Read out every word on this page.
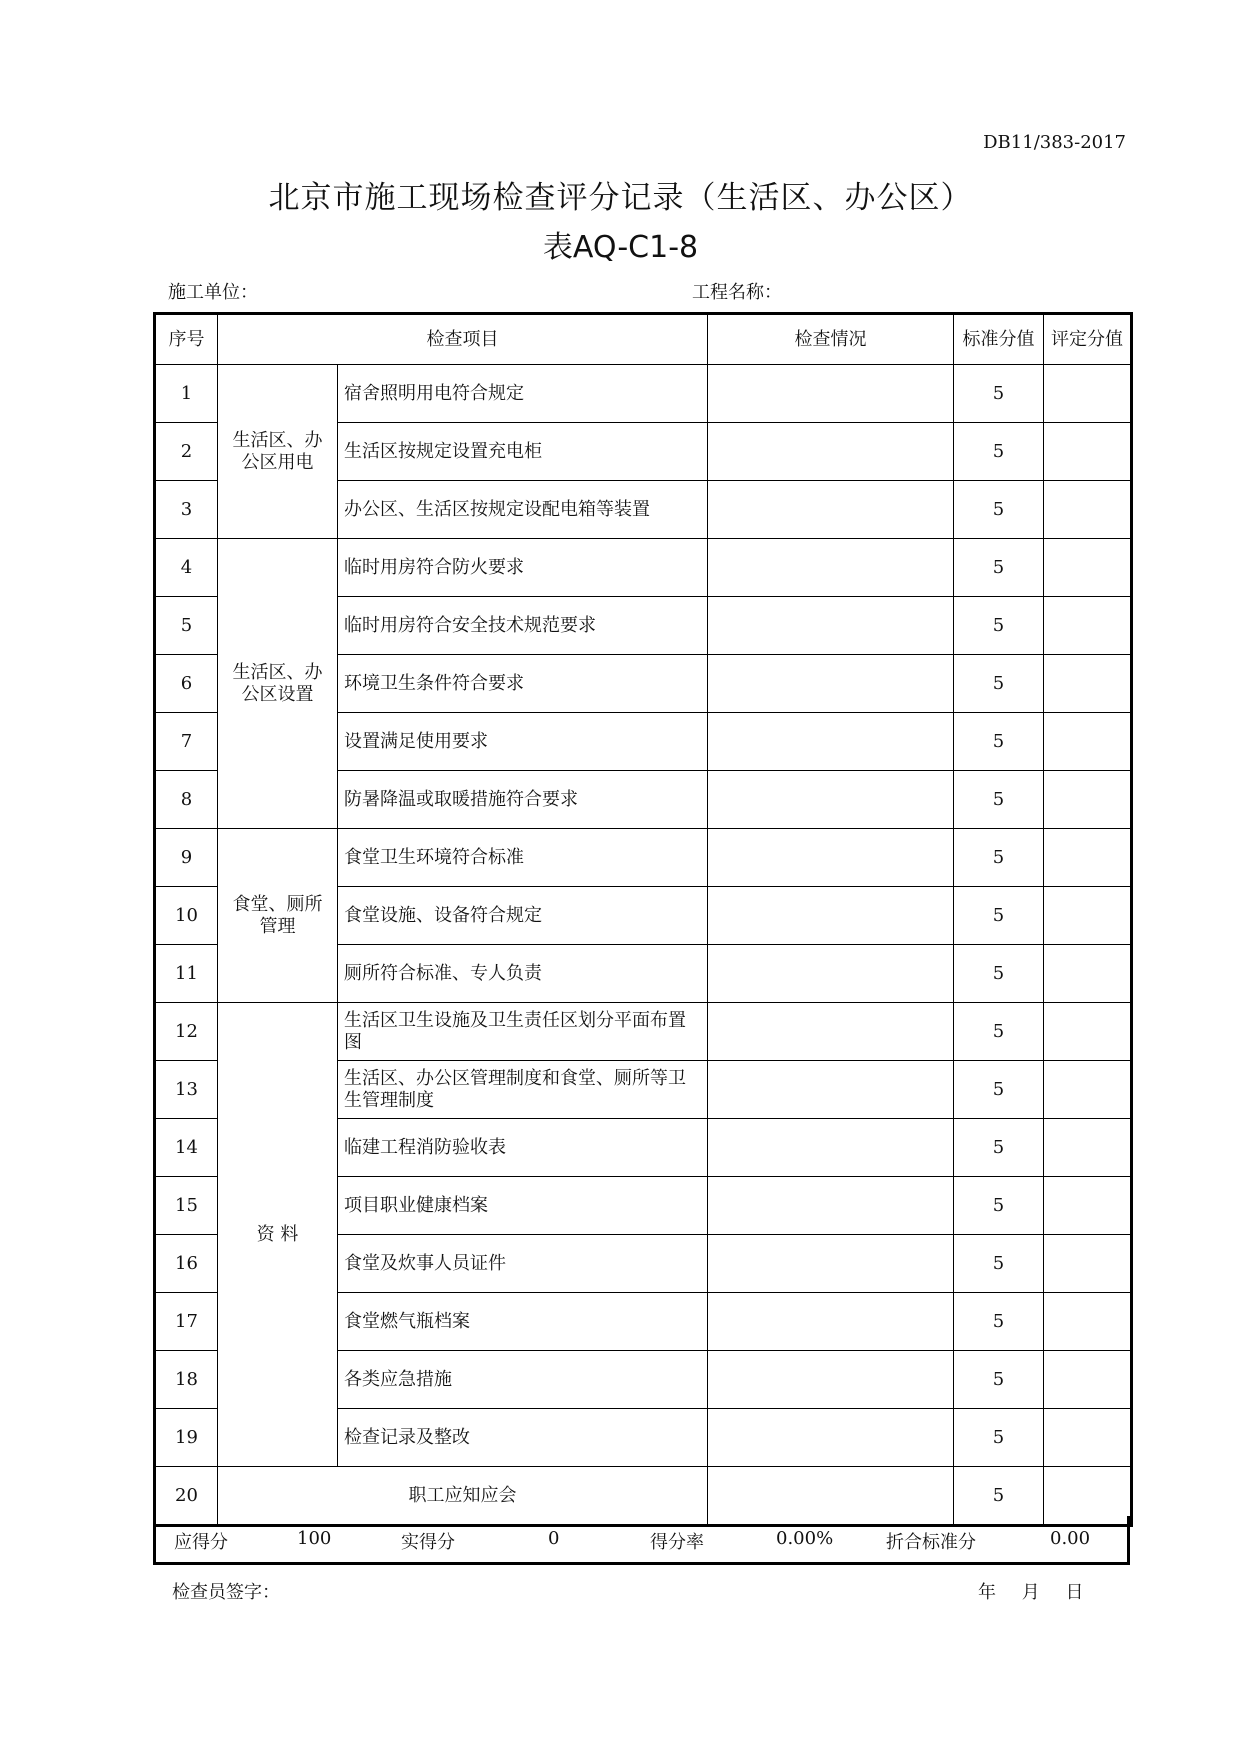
DB11/383-2017
北京市施工现场检查评分记录（生活区、办公区）
表AQ-C1-8
施工单位：	工程名称：
序号	检查项目		检查情况	标准分值	评定分值
1	生活区、办公区用电	宿舍照明用电符合规定		5	
2		生活区按规定设置充电柜		5	
3		办公区、生活区按规定设配电箱等装置		5	
4	生活区、办公区设置	临时用房符合防火要求		5	
5		临时用房符合安全技术规范要求		5	
6		环境卫生条件符合要求		5	
7		设置满足使用要求		5	
8		防暑降温或取暖措施符合要求		5	
9	食堂、厕所管理	食堂卫生环境符合标准		5	
10		食堂设施、设备符合规定		5	
11		厕所符合标准、专人负责		5	
12	资 料	生活区卫生设施及卫生责任区划分平面布置图		5	
13		生活区、办公区管理制度和食堂、厕所等卫生管理制度		5	
14		临建工程消防验收表		5	
15		项目职业健康档案		5	
16		食堂及炊事人员证件		5	
17		食堂燃气瓶档案		5	
18		各类应急措施		5	
19		检查记录及整改		5	
20	职工应知应会			5	
应得分	100	实得分	0	得分率	0.00%	折合标准分	0.00
检查员签字：	年 月 日
